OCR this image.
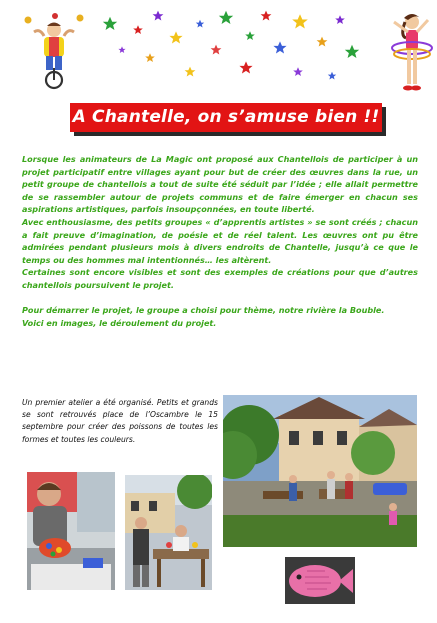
A Chantelle, on s’amuse bien !!

Lorsque les animateurs de La Magic ont proposé aux Chantellois de participer à un projet participatif entre villages ayant pour but de créer des œuvres dans la rue, un petit groupe de chantellois a tout de suite été séduit par l’idée ; elle allait permettre de se rassembler autour de projets communs et de faire émerger en chacun ses aspirations artistiques, parfois insoupçonnées, en toute liberté.

Avec enthousiasme, des petits groupes « d’apprentis artistes » se sont créés ; chacun a fait preuve d’imagination, de poésie et de réel talent. Les œuvres ont pu être admirées pendant plusieurs mois à divers endroits de Chantelle, jusqu’à ce que le temps ou des hommes mal intentionnés… les altèrent.

Certaines sont encore visibles et sont des exemples de créations pour que d’autres chantellois poursuivent le projet.

Pour démarrer le projet, le groupe a choisi pour thème, notre rivière la Bouble.

Voici en images, le déroulement du projet.

Un premier atelier a été organisé. Petits et grands se sont retrouvés place de l’Oscambre le 15 septembre pour créer des poissons de toutes les formes et toutes les couleurs.
